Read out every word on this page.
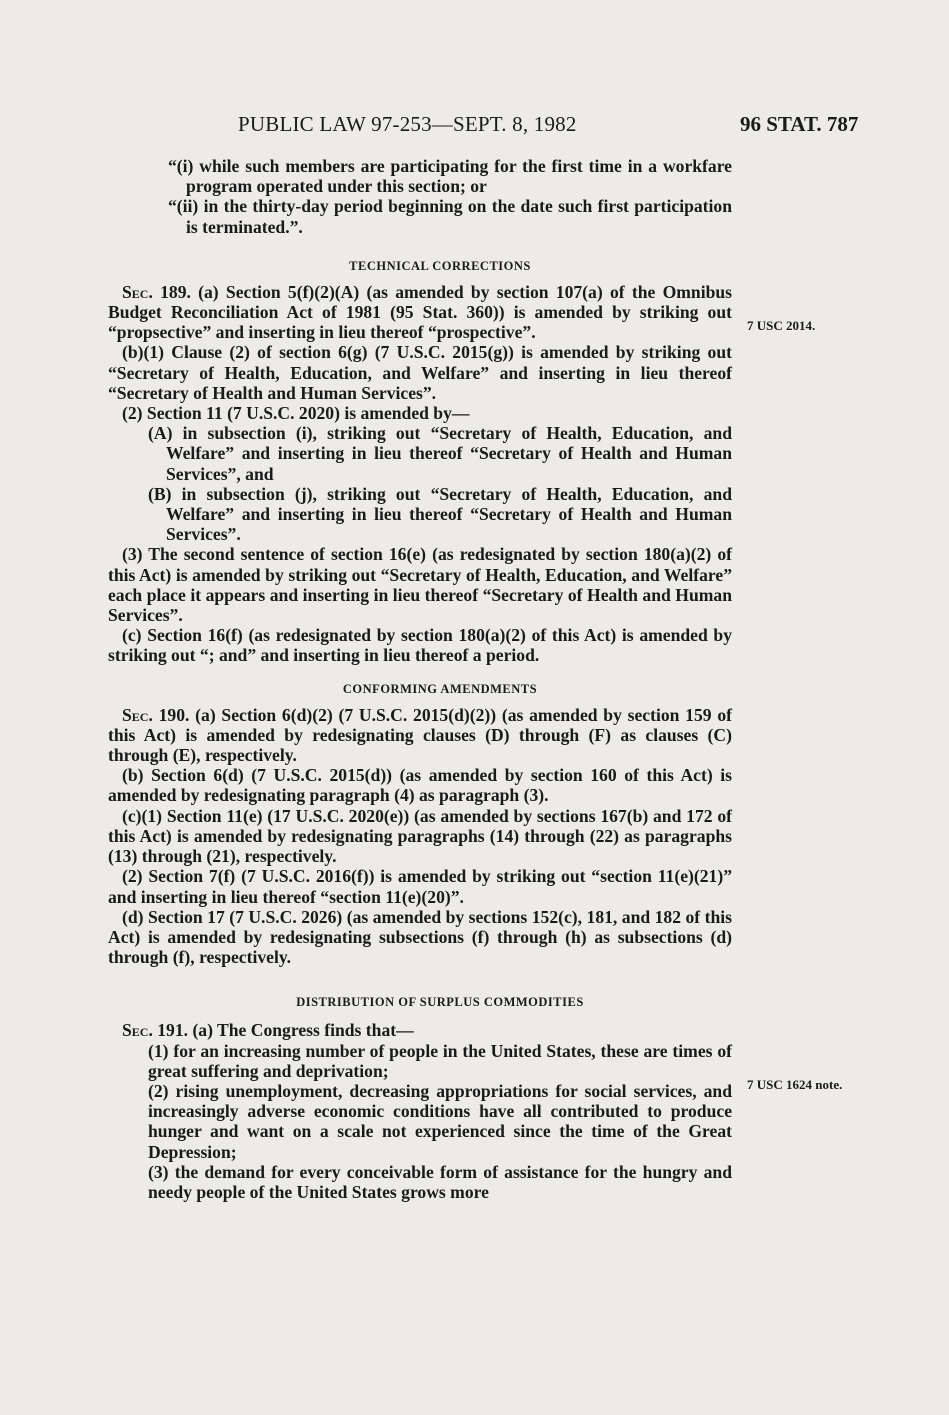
PUBLIC LAW 97-253—SEPT. 8, 1982	96 STAT. 787

“(i) while such members are participating for the first time in a workfare program operated under this section; or

“(ii) in the thirty-day period beginning on the date such first participation is terminated.”.

TECHNICAL CORRECTIONS

Sec. 189. (a) Section 5(f)(2)(A) (as amended by section 107(a) of the Omnibus Budget Reconciliation Act of 1981 (95 Stat. 360)) is amended by striking out “propsective” and inserting in lieu thereof “prospective”.

(b)(1) Clause (2) of section 6(g) (7 U.S.C. 2015(g)) is amended by striking out “Secretary of Health, Education, and Welfare” and inserting in lieu thereof “Secretary of Health and Human Services”.

(2) Section 11 (7 U.S.C. 2020) is amended by—

(A) in subsection (i), striking out “Secretary of Health, Education, and Welfare” and inserting in lieu thereof “Secretary of Health and Human Services”, and

(B) in subsection (j), striking out “Secretary of Health, Education, and Welfare” and inserting in lieu thereof “Secretary of Health and Human Services”.

(3) The second sentence of section 16(e) (as redesignated by section 180(a)(2) of this Act) is amended by striking out “Secretary of Health, Education, and Welfare” each place it appears and inserting in lieu thereof “Secretary of Health and Human Services”.

(c) Section 16(f) (as redesignated by section 180(a)(2) of this Act) is amended by striking out “; and” and inserting in lieu thereof a period.

CONFORMING AMENDMENTS

Sec. 190. (a) Section 6(d)(2) (7 U.S.C. 2015(d)(2)) (as amended by section 159 of this Act) is amended by redesignating clauses (D) through (F) as clauses (C) through (E), respectively.

(b) Section 6(d) (7 U.S.C. 2015(d)) (as amended by section 160 of this Act) is amended by redesignating paragraph (4) as paragraph (3).

(c)(1) Section 11(e) (17 U.S.C. 2020(e)) (as amended by sections 167(b) and 172 of this Act) is amended by redesignating paragraphs (14) through (22) as paragraphs (13) through (21), respectively.

(2) Section 7(f) (7 U.S.C. 2016(f)) is amended by striking out “section 11(e)(21)” and inserting in lieu thereof “section 11(e)(20)”.

(d) Section 17 (7 U.S.C. 2026) (as amended by sections 152(c), 181, and 182 of this Act) is amended by redesignating subsections (f) through (h) as subsections (d) through (f), respectively.

DISTRIBUTION OF SURPLUS COMMODITIES

Sec. 191. (a) The Congress finds that—

(1) for an increasing number of people in the United States, these are times of great suffering and deprivation;

(2) rising unemployment, decreasing appropriations for social services, and increasingly adverse economic conditions have all contributed to produce hunger and want on a scale not experienced since the time of the Great Depression;

(3) the demand for every conceivable form of assistance for the hungry and needy people of the United States grows more

7 USC 2014.
7 USC 1624 note.
